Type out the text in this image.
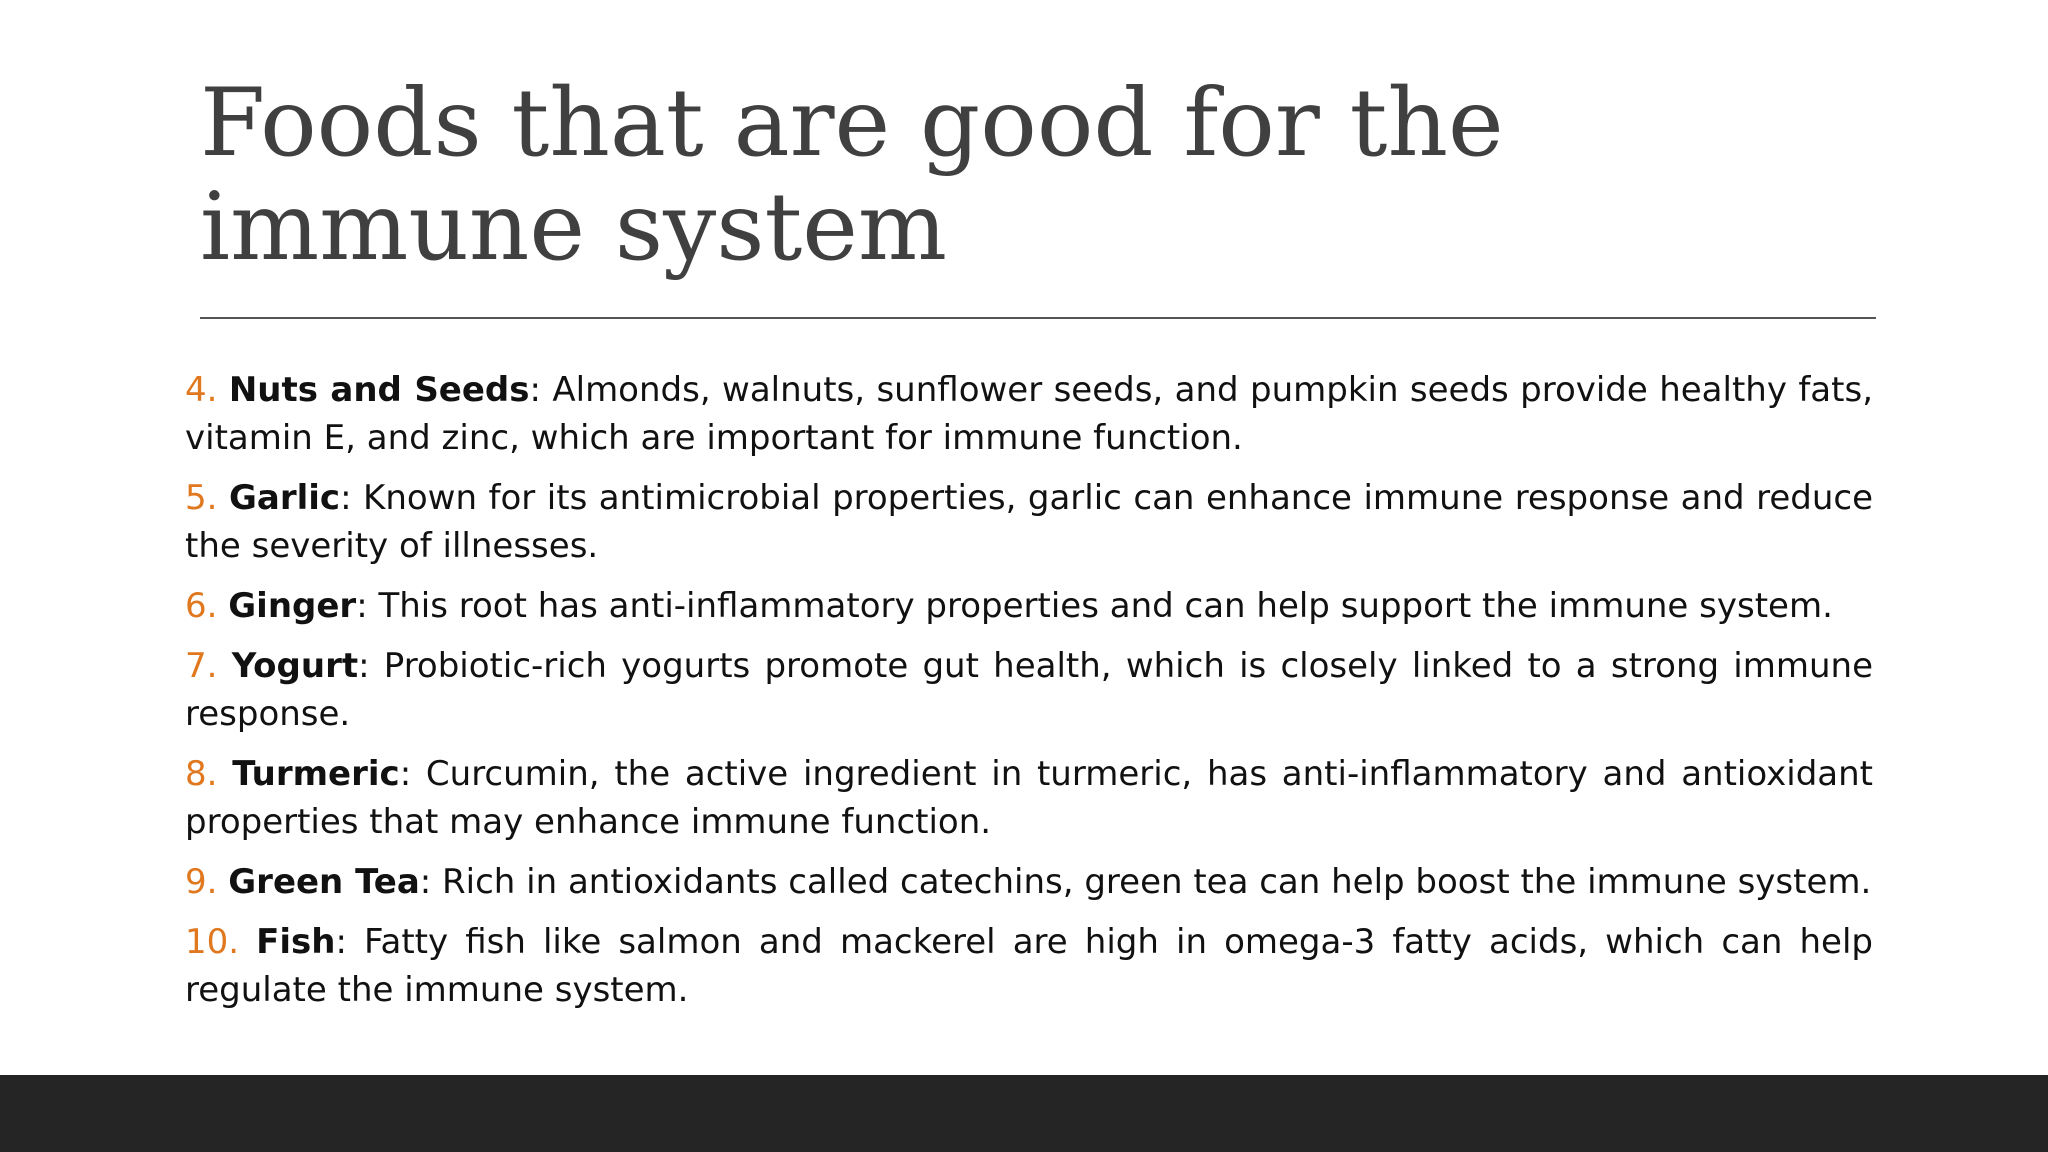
Foods that are good for the immune system

4. Nuts and Seeds: Almonds, walnuts, sunflower seeds, and pumpkin seeds provide healthy fats, vitamin E, and zinc, which are important for immune function.

5. Garlic: Known for its antimicrobial properties, garlic can enhance immune response and reduce the severity of illnesses.

6. Ginger: This root has anti-inflammatory properties and can help support the immune system.

7. Yogurt: Probiotic-rich yogurts promote gut health, which is closely linked to a strong immune response.

8. Turmeric: Curcumin, the active ingredient in turmeric, has anti-inflammatory and antioxidant properties that may enhance immune function.

9. Green Tea: Rich in antioxidants called catechins, green tea can help boost the immune system.

10. Fish: Fatty fish like salmon and mackerel are high in omega-3 fatty acids, which can help regulate the immune system.
